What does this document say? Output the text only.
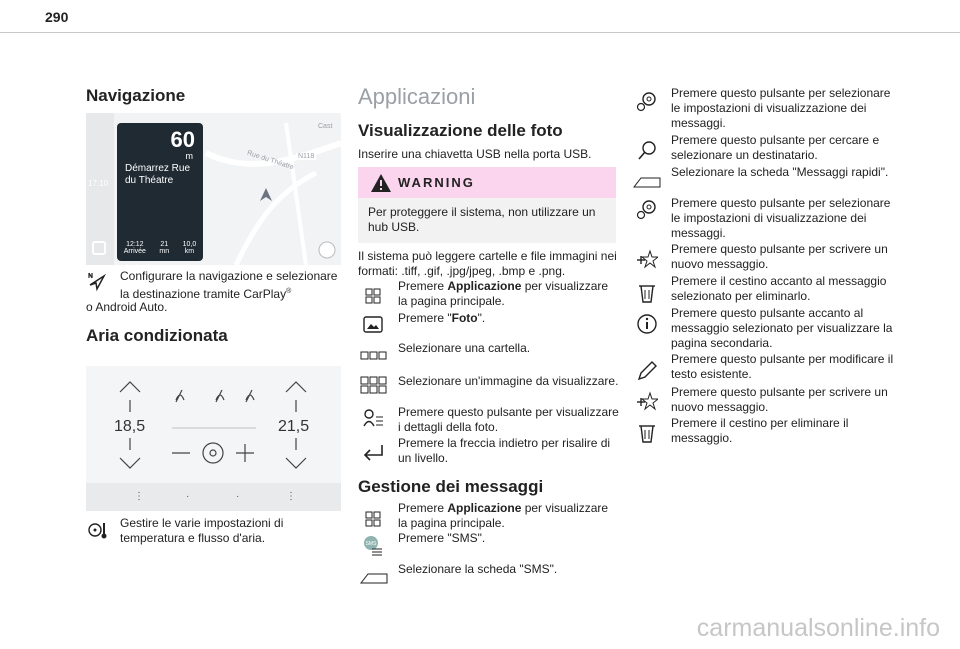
290
Navigazione
17:10
Cast
Rue du Théatre N118
60
m
Démarrez Rue du Théatre
12:12
Arrivée
21
mn
10,0
km
Configurare la navigazione e selezionare la destinazione tramite CarPlay®
o Android Auto.
Aria condizionata
18,5	21,5
⋮	·	·	⋮
Gestire le varie impostazioni di temperatura e flusso d'aria.
Applicazioni
Visualizzazione delle foto
Inserire una chiavetta USB nella porta USB.
WARNING
Per proteggere il sistema, non utilizzare un hub USB.
Il sistema può leggere cartelle e file immagini nei formati: .tiff, .gif, .jpg/jpeg, .bmp e .png.
Premere Applicazione per visualizzare la pagina principale.
Premere "Foto".
Selezionare una cartella.
Selezionare un'immagine da visualizzare.
Premere questo pulsante per visualizzare i dettagli della foto.
Premere la freccia indietro per risalire di un livello.
Gestione dei messaggi
Premere Applicazione per visualizzare la pagina principale.
SMS Premere "SMS".
Selezionare la scheda "SMS".
Premere questo pulsante per selezionare le impostazioni di visualizzazione dei messaggi.
Premere questo pulsante per cercare e selezionare un destinatario.
Selezionare la scheda "Messaggi rapidi".
Premere questo pulsante per selezionare le impostazioni di visualizzazione dei messaggi.
Premere questo pulsante per scrivere un nuovo messaggio.
Premere il cestino accanto al messaggio selezionato per eliminarlo.
Premere questo pulsante accanto al messaggio selezionato per visualizzare la pagina secondaria.
Premere questo pulsante per modificare il testo esistente.
Premere questo pulsante per scrivere un nuovo messaggio.
Premere il cestino per eliminare il messaggio.
carmanualsonline.info
